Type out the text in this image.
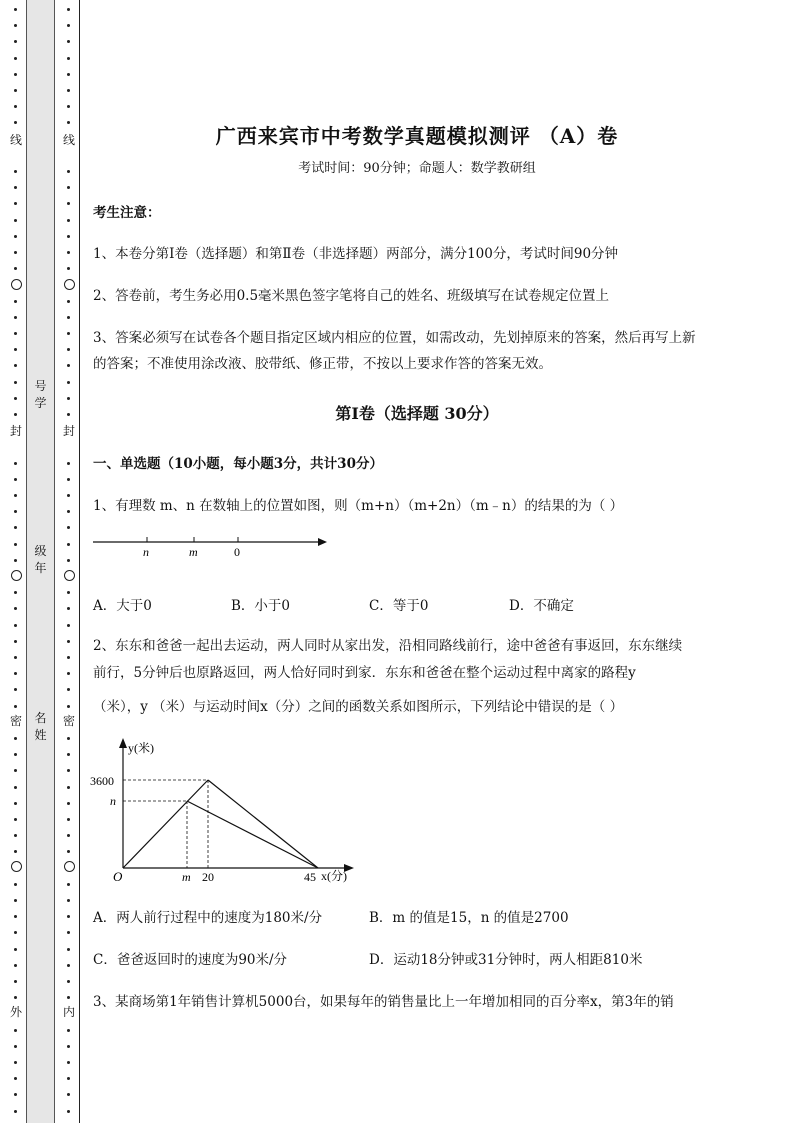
线
封
密
外
号学
级年
名姓
线
封
密
内
广西来宾市中考数学真题模拟测评 （A）卷
考试时间：90分钟；命题人：数学教研组
考生注意：
1、本卷分第Ⅰ卷（选择题）和第Ⅱ卷（非选择题）两部分，满分100分，考试时间90分钟
2、答卷前，考生务必用0.5毫米黑色签字笔将自己的姓名、班级填写在试卷规定位置上
3、答案必须写在试卷各个题目指定区域内相应的位置，如需改动，先划掉原来的答案，然后再写上新
的答案；不准使用涂改液、胶带纸、修正带，不按以上要求作答的答案无效。
第Ⅰ卷（选择题 30分）
一、单选题（10小题，每小题3分，共计30分）
1、有理数 m、n 在数轴上的位置如图，则（m+n）（m+2n）（m﹣n）的结果的为（ ）
n	m	0
A．大于0	B．小于0	C．等于0	D．不确定
2、东东和爸爸一起出去运动，两人同时从家出发，沿相同路线前行，途中爸爸有事返回，东东继续
前行，5分钟后也原路返回，两人恰好同时到家．东东和爸爸在整个运动过程中离家的路程y
（米），y （米）与运动时间x（分）之间的函数关系如图所示，下列结论中错误的是（ ）
y(米)
x(分)
O
3600
n
m 20	45
A．两人前行过程中的速度为180米/分	B．m 的值是15，n 的值是2700
C．爸爸返回时的速度为90米/分	D．运动18分钟或31分钟时，两人相距810米
3、某商场第1年销售计算机5000台，如果每年的销售量比上一年增加相同的百分率x，第3年的销
